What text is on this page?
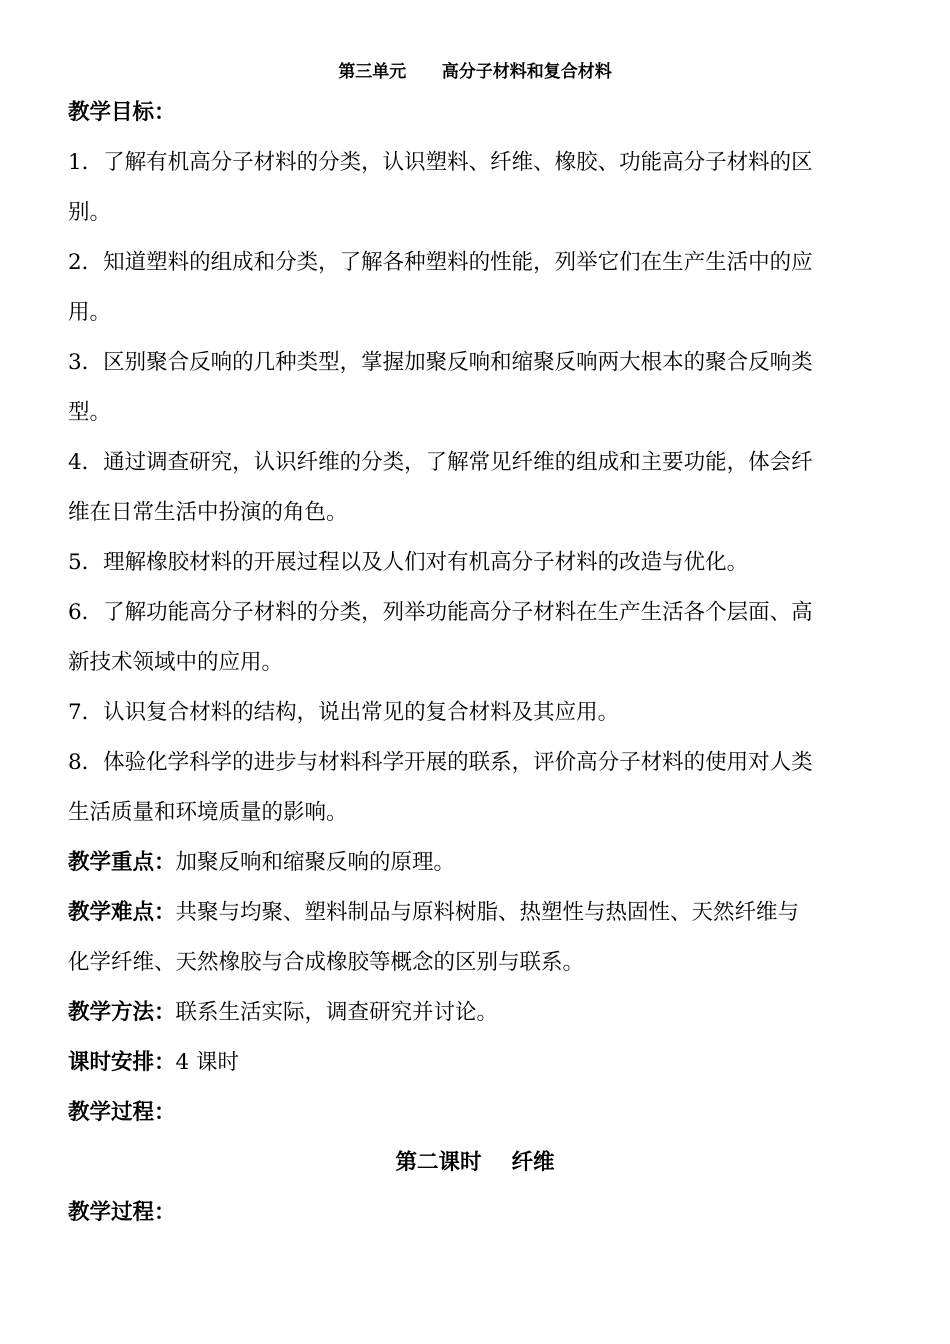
第三单元      高分子材料和复合材料
教学目标：
1．了解有机高分子材料的分类，认识塑料、纤维、橡胶、功能高分子材料的区
别。
2．知道塑料的组成和分类，了解各种塑料的性能，列举它们在生产生活中的应
用。
3．区别聚合反响的几种类型，掌握加聚反响和缩聚反响两大根本的聚合反响类
型。
4．通过调查研究，认识纤维的分类，了解常见纤维的组成和主要功能，体会纤
维在日常生活中扮演的角色。
5．理解橡胶材料的开展过程以及人们对有机高分子材料的改造与优化。
6．了解功能高分子材料的分类，列举功能高分子材料在生产生活各个层面、高
新技术领域中的应用。
7．认识复合材料的结构，说出常见的复合材料及其应用。
8．体验化学科学的进步与材料科学开展的联系，评价高分子材料的使用对人类
生活质量和环境质量的影响。
教学重点：加聚反响和缩聚反响的原理。
教学难点：共聚与均聚、塑料制品与原料树脂、热塑性与热固性、天然纤维与
化学纤维、天然橡胶与合成橡胶等概念的区别与联系。
教学方法：联系生活实际，调查研究并讨论。
课时安排：4 课时
教学过程：
第二课时    纤维
教学过程：
